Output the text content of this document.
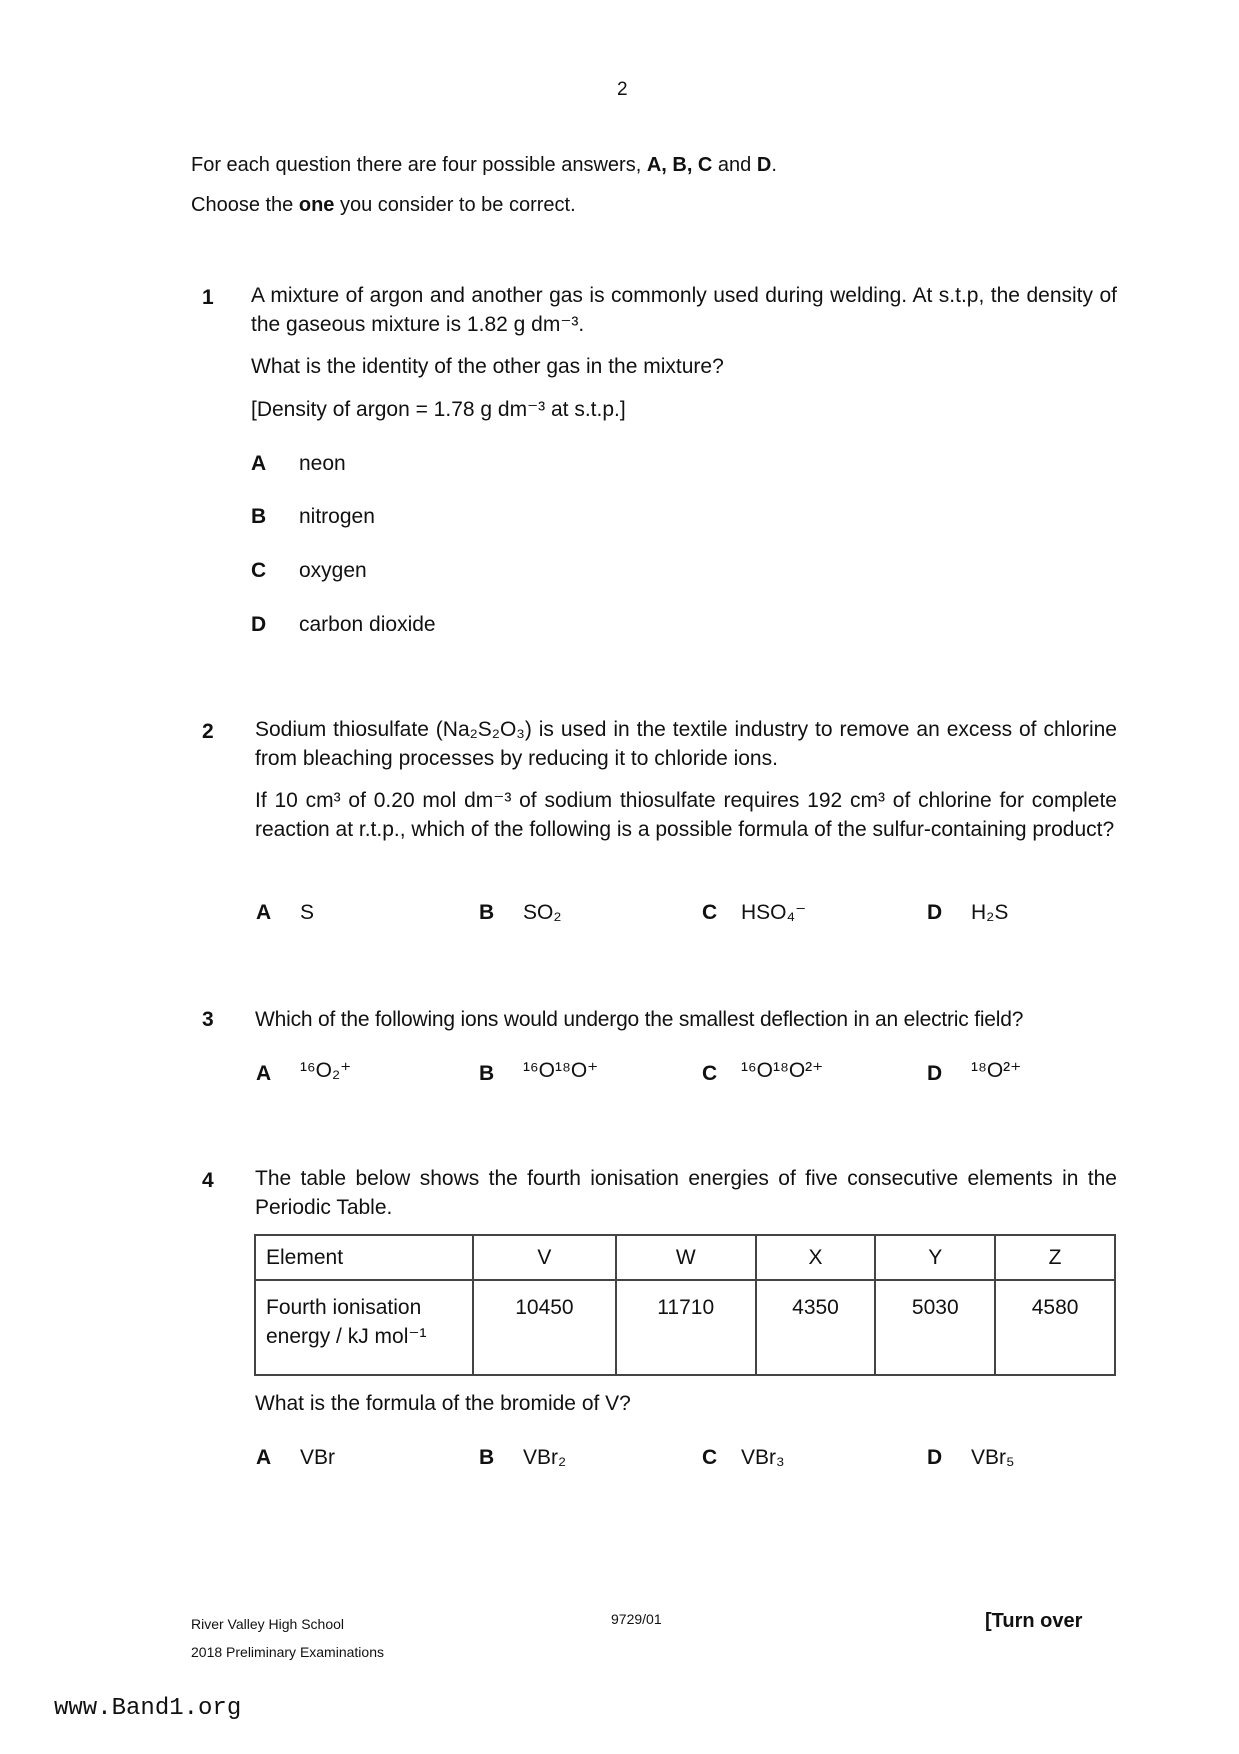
2
For each question there are four possible answers, A, B, C and D.
Choose the one you consider to be correct.
1 A mixture of argon and another gas is commonly used during welding. At s.t.p, the density of the gaseous mixture is 1.82 g dm⁻³.
What is the identity of the other gas in the mixture?
[Density of argon = 1.78 g dm⁻³ at s.t.p.]
A neon
B nitrogen
C oxygen
D carbon dioxide
2 Sodium thiosulfate (Na₂S₂O₃) is used in the textile industry to remove an excess of chlorine from bleaching processes by reducing it to chloride ions.
If 10 cm³ of 0.20 mol dm⁻³ of sodium thiosulfate requires 192 cm³ of chlorine for complete reaction at r.t.p., which of the following is a possible formula of the sulfur-containing product?
A S	B SO₂	C HSO₄⁻	D H₂S
3 Which of the following ions would undergo the smallest deflection in an electric field?
A ¹⁶O₂⁺	B ¹⁶O¹⁸O⁺	C ¹⁶O¹⁸O²⁺	D ¹⁸O²⁺
4 The table below shows the fourth ionisation energies of five consecutive elements in the Periodic Table.
Element	V	W	X	Y	Z
Fourth ionisation energy / kJ mol⁻¹	10450	11710	4350	5030	4580
What is the formula of the bromide of V?
A VBr	B VBr₂	C VBr₃	D VBr₅
River Valley High School
2018 Preliminary Examinations
9729/01	[Turn over
www.Band1.org
